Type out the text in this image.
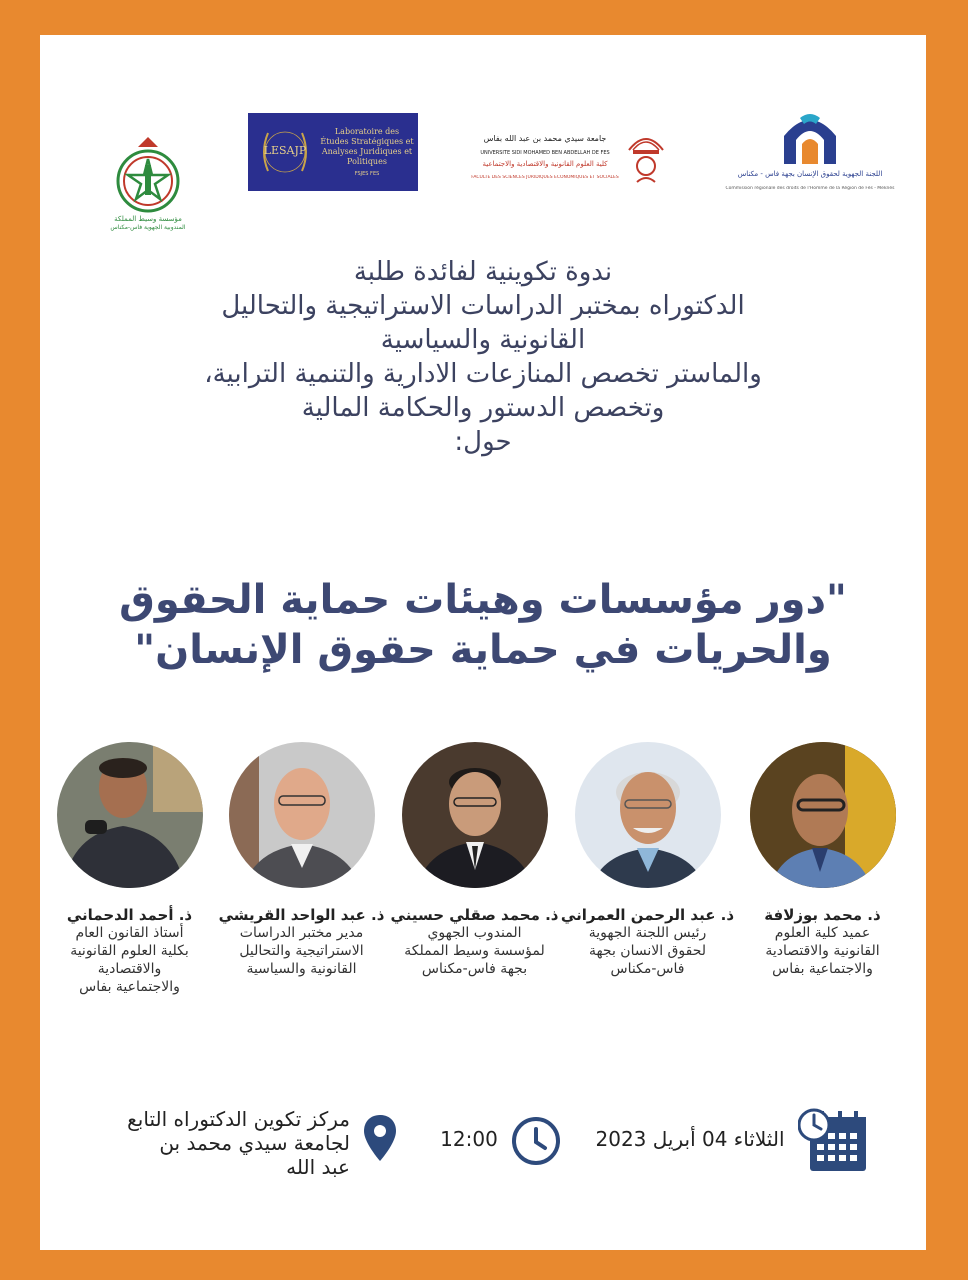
مؤسسة وسيط المملكة
المندوبية الجهوية فاس-مكناس
LESAJP
Laboratoire des Études Stratégiques et Analyses Juridiques et Politiques
FSJES FES
جامعة سيدي محمد بن عبد الله بفاس
UNIVERSITÉ SIDI MOHAMED BEN ABDELLAH DE FES
كلية العلوم القانونية والاقتصادية والاجتماعية
FACULTÉ DES SCIENCES JURIDIQUES ÉCONOMIQUES ET SOCIALES	اللجنة الجهوية لحقوق الإنسان بجهة فاس - مكناس
Commission régionale des droits de l'Homme de la Région de Fès - Meknès
ندوة تكوينية لفائدة طلبة
الدكتوراه بمختبر الدراسات الاستراتيجية والتحاليل
القانونية والسياسية
والماستر تخصص المنازعات الادارية والتنمية الترابية،
وتخصص الدستور والحكامة المالية
حول:
"دور مؤسسات وهيئات حماية الحقوق
والحريات في حماية حقوق الإنسان"
ذ. محمد بوزلافة
عميد كلية العلوم
القانونية والاقتصادية
والاجتماعية بفاس
ذ. عبد الرحمن العمراني
رئيس اللجنة الجهوية
لحقوق الانسان بجهة
فاس-مكناس
ذ. محمد صقلي حسيني
المندوب الجهوي
لمؤسسة وسيط المملكة
بجهة فاس-مكناس
ذ. عبد الواحد القريشي
مدير مختبر الدراسات
الاستراتيجية والتحاليل
القانونية والسياسية
ذ. أحمد الدحماني
أستاذ القانون العام
بكلية العلوم القانونية
والاقتصادية
والاجتماعية بفاس
الثلاثاء 04 أبريل 2023
12:00
مركز تكوين الدكتوراه التابع
لجامعة سيدي محمد بن
عبد الله
